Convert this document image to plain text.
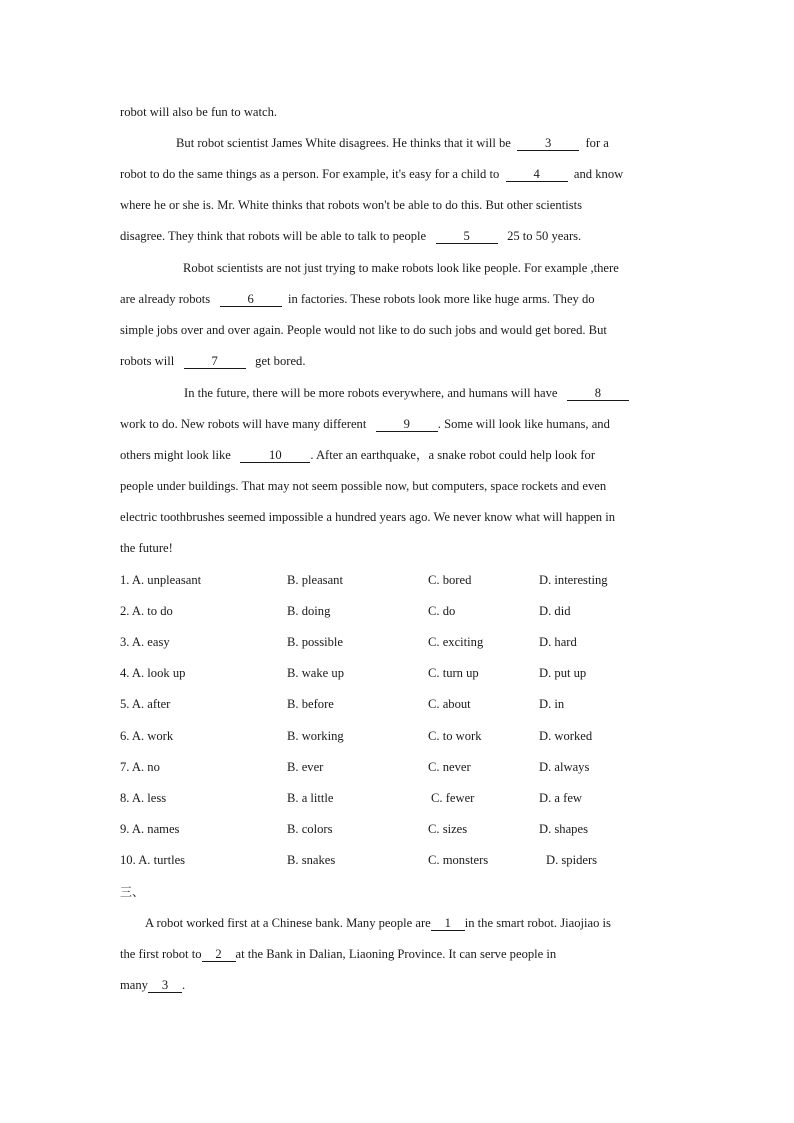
robot will also be fun to watch.
But robot scientist James White disagrees. He thinks that it will be	3	for a
robot to do the same things as a person. For example, it's easy for a child to	4	and know
where he or she is. Mr. White thinks that robots won't be able to do this. But other scientists
disagree. They think that robots will be able to talk to people	5	25 to 50 years.
Robot scientists are not just trying to make robots look like people. For example ,there
are already robots	6	in factories. These robots look more like huge arms. They do
simple jobs over and over again. People would not like to do such jobs and would get bored. But
robots will	7	get bored.
In the future, there will be more robots everywhere, and humans will have	8
work to do. New robots will have many different	9 . Some will look like humans, and
others might look like	10 . After an earthquake，a snake robot could help look for
people under buildings. That may not seem possible now, but computers, space rockets and even
electric toothbrushes seemed impossible a hundred years ago. We never know what will happen in
the future!
1. A. unpleasant	B. pleasant	C. bored	D. interesting
2. A. to do	B. doing	C. do	D. did
3. A. easy	B. possible	C. exciting	D. hard
4. A. look up	B. wake up	C. turn up	D. put up
5. A. after	B. before	C. about	D. in
6. A. work	B. working	C. to work	D. worked
7. A. no	B. ever	C. never	D. always
8. A. less	B. a little	C. fewer	D. a few
9. A. names	B. colors	C. sizes	D. shapes
10. A. turtles	B. snakes	C. monsters	D. spiders
三、
A robot worked first at a Chinese bank. Many people are 1 in the smart robot. Jiaojiao is
the first robot to 2 at the Bank in Dalian, Liaoning Province. It can serve people in
many 3 .
